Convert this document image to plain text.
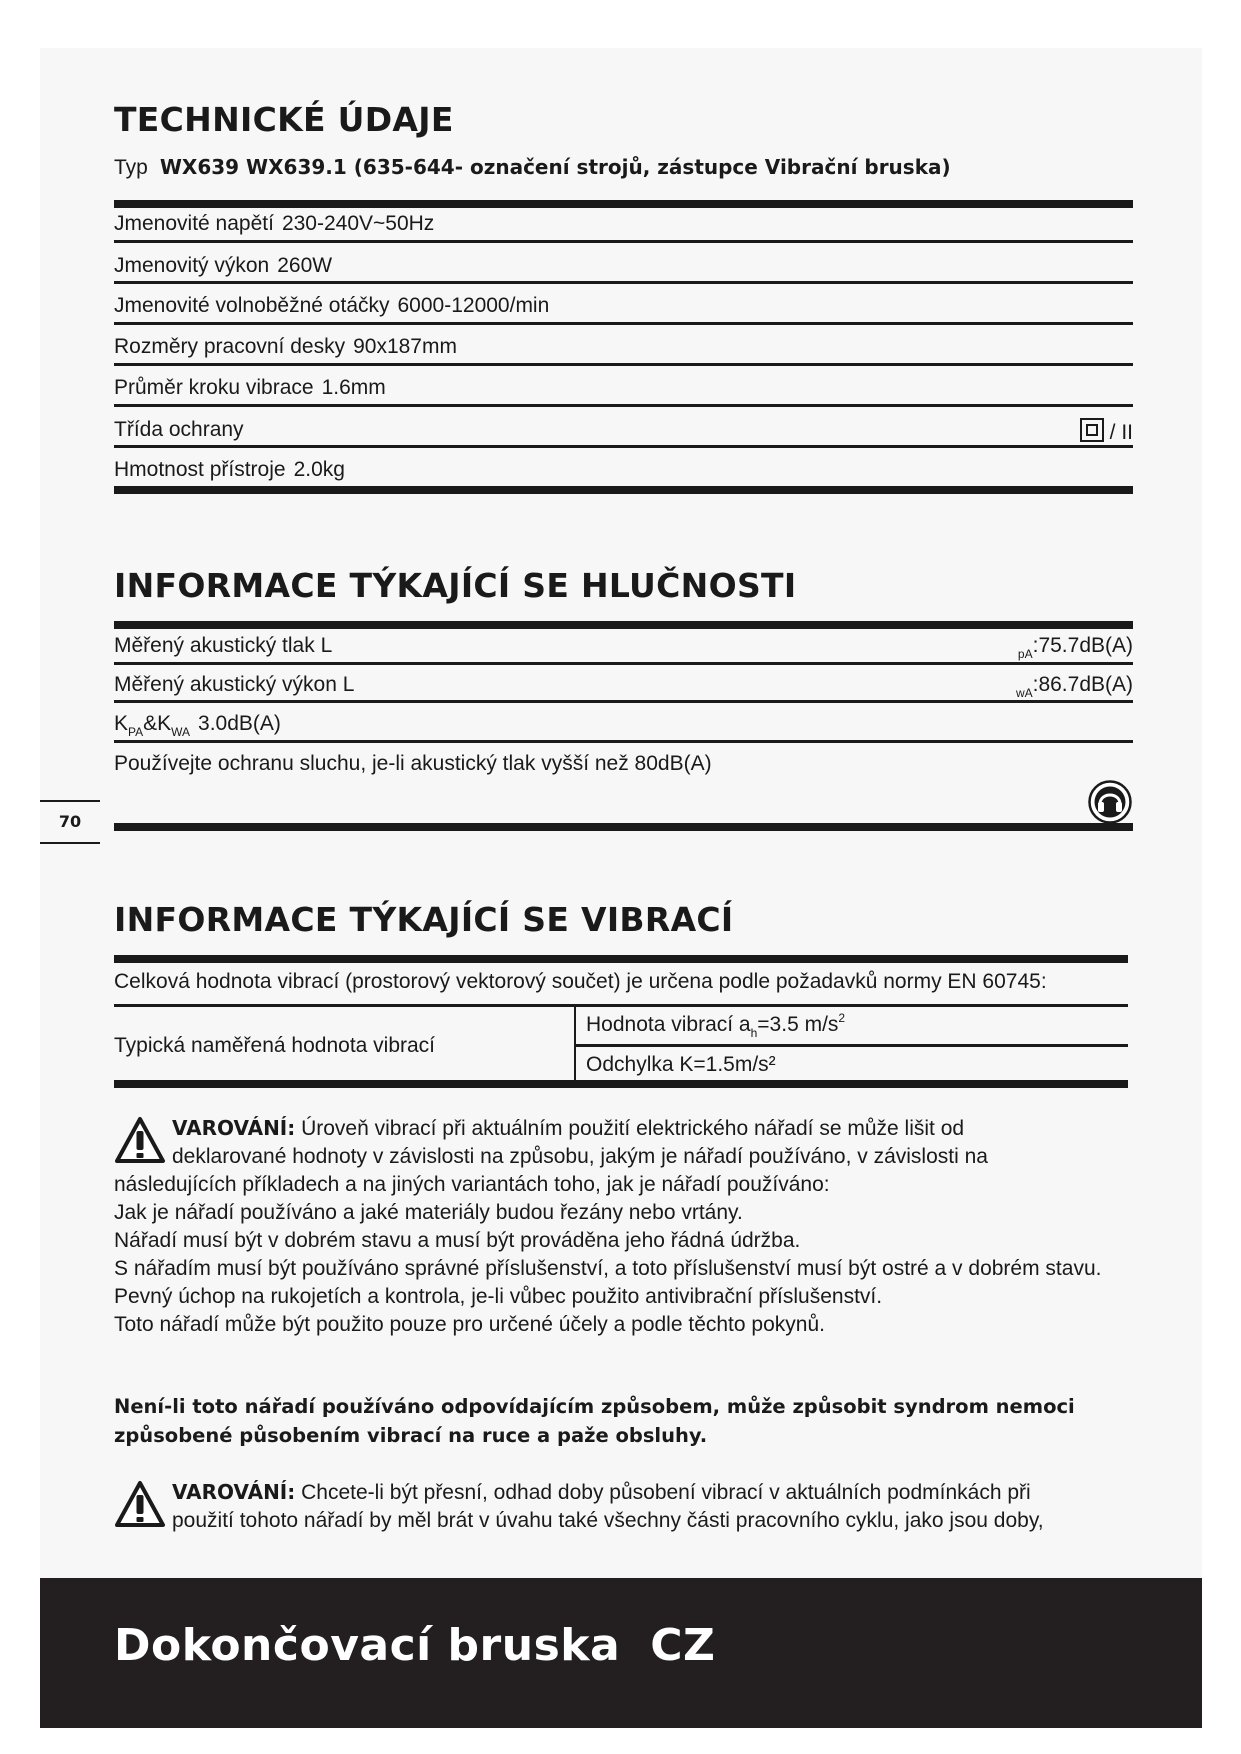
TECHNICKÉ ÚDAJE
Typ WX639 WX639.1 (635-644- označení strojů, zástupce Vibrační bruska)
Jmenovité napětí 230-240V~50Hz
Jmenovitý výkon 260W
Jmenovité volnoběžné otáčky 6000-12000/min
Rozměry pracovní desky 90x187mm
Průměr kroku vibrace 1.6mm
Třída ochrany	/ II
Hmotnost přístroje 2.0kg
INFORMACE TÝKAJÍCÍ SE HLUČNOSTI
Měřený akustický tlak L	$_{pA}$:75.7dB(A)
Měřený akustický výkon L	$_{wA}$:86.7dB(A)
$K_{PA}\&K_{WA}$ 3.0dB(A)
Používejte ochranu sluchu, je-li akustický tlak vyšší než 80dB(A)
70
INFORMACE TÝKAJÍCÍ SE VIBRACÍ
Celková hodnota vibrací (prostorový vektorový součet) je určena podle požadavků normy EN 60745:
Typická naměřená hodnota vibrací
Hodnota vibrací $a_h=3.5$ $m/s^2$
Odchylka K=1.5m/s²

VAROVÁNÍ: Úroveň vibrací při aktuálním použití elektrického nářadí se může lišit od

deklarované hodnoty v závislosti na způsobu, jakým je nářadí používáno, v závislosti na

následujících příkladech a na jiných variantách toho, jak je nářadí používáno:

Jak je nářadí používáno a jaké materiály budou řezány nebo vrtány.

Nářadí musí být v dobrém stavu a musí být prováděna jeho řádná údržba.

S nářadím musí být používáno správné příslušenství, a toto příslušenství musí být ostré a v dobrém stavu.

Pevný úchop na rukojetích a kontrola, je-li vůbec použito antivibrační příslušenství.

Toto nářadí může být použito pouze pro určené účely a podle těchto pokynů.

Není-li toto nářadí používáno odpovídajícím způsobem, může způsobit syndrom nemoci způsobené působením vibrací na ruce a paže obsluhy.

VAROVÁNÍ: Chcete-li být přesní, odhad doby působení vibrací v aktuálních podmínkách při

použití tohoto nářadí by měl brát v úvahu také všechny části pracovního cyklu, jako jsou doby,

Dokončovací bruska CZ
